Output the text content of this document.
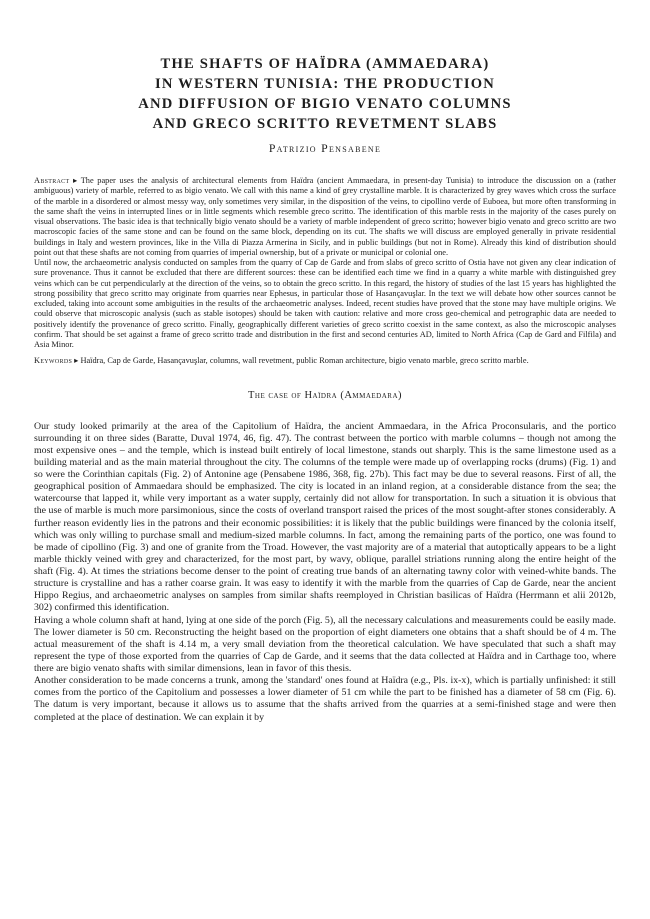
THE SHAFTS OF HAÏDRA (AMMAEDARA)
IN WESTERN TUNISIA: THE PRODUCTION
AND DIFFUSION OF BIGIO VENATO COLUMNS
AND GRECO SCRITTO REVETMENT SLABS
Patrizio Pensabene

Abstract ▸ The paper uses the analysis of architectural elements from Haïdra (ancient Ammaedara, in present-day Tunisia) to introduce the discussion on a (rather ambiguous) variety of marble, referred to as bigio venato. We call with this name a kind of grey crystalline marble. It is characterized by grey waves which cross the surface of the marble in a disordered or almost messy way, only sometimes very similar, in the disposition of the veins, to cipollino verde of Euboea, but more often transforming in the same shaft the veins in interrupted lines or in little segments which resemble greco scritto. The identification of this marble rests in the majority of the cases purely on visual observations. The basic idea is that technically bigio venato should be a variety of marble independent of greco scritto; however bigio venato and greco scritto are two macroscopic facies of the same stone and can be found on the same block, depending on its cut. The shafts we will discuss are employed generally in private residential buildings in Italy and western provinces, like in the Villa di Piazza Armerina in Sicily, and in public buildings (but not in Rome). Already this kind of distribution should point out that these shafts are not coming from quarries of imperial ownership, but of a private or municipal or colonial one.

Until now, the archaeometric analysis conducted on samples from the quarry of Cap de Garde and from slabs of greco scritto of Ostia have not given any clear indication of sure provenance. Thus it cannot be excluded that there are different sources: these can be identified each time we find in a quarry a white marble with distinguished grey veins which can be cut perpendicularly at the direction of the veins, so to obtain the greco scritto. In this regard, the history of studies of the last 15 years has highlighted the strong possibility that greco scritto may originate from quarries near Ephesus, in particular those of Hasançavuşlar. In the text we will debate how other sources cannot be excluded, taking into account some ambiguities in the results of the archaeometric analyses. Indeed, recent studies have proved that the stone may have multiple origins. We could observe that microscopic analysis (such as stable isotopes) should be taken with caution: relative and more cross geo-chemical and petrographic data are needed to positively identify the provenance of greco scritto. Finally, geographically different varieties of greco scritto coexist in the same context, as also the microscopic analyses confirm. That should be set against a frame of greco scritto trade and distribution in the first and second centuries AD, limited to North Africa (Cap de Gard and Filfila) and Asia Minor.

Keywords ▸ Haïdra, Cap de Garde, Hasançavuşlar, columns, wall revetment, public Roman architecture, bigio venato marble, greco scritto marble.
The case of Haïdra (Ammaedara)

Our study looked primarily at the area of the Capitolium of Haïdra, the ancient Ammaedara, in the Africa Proconsularis, and the portico surrounding it on three sides (Baratte, Duval 1974, 46, fig. 47). The contrast between the portico with marble columns – though not among the most expensive ones – and the temple, which is instead built entirely of local limestone, stands out sharply. This is the same limestone used as a building material and as the main material throughout the city. The columns of the temple were made up of overlapping rocks (drums) (Fig. 1) and so were the Corinthian capitals (Fig. 2) of Antonine age (Pensabene 1986, 368, fig. 27b). This fact may be due to several reasons. First of all, the geographical position of Ammaedara should be emphasized. The city is located in an inland region, at a considerable distance from the sea; the watercourse that lapped it, while very important as a water supply, certainly did not allow for transportation. In such a situation it is obvious that the use of marble is much more parsimonious, since the costs of overland transport raised the prices of the most sought-after stones considerably. A further reason evidently lies in the patrons and their economic possibilities: it is likely that the public buildings were financed by the colonia itself, which was only willing to purchase small and medium-sized marble columns. In fact, among the remaining parts of the portico, one was found to be made of cipollino (Fig. 3) and one of granite from the Troad. However, the vast majority are of a material that autoptically appears to be a light marble thickly veined with grey and characterized, for the most part, by wavy, oblique, parallel striations running along the entire height of the shaft (Fig. 4). At times the striations become denser to the point of creating true bands of an alternating tawny color with veined-white bands. The structure is crystalline and has a rather coarse grain. It was easy to identify it with the marble from the quarries of Cap de Garde, near the ancient Hippo Regius, and archaeometric analyses on samples from similar shafts reemployed in Christian basilicas of Haïdra (Herrmann et alii 2012b, 302) confirmed this identification.

Having a whole column shaft at hand, lying at one side of the porch (Fig. 5), all the necessary calculations and measurements could be easily made. The lower diameter is 50 cm. Reconstructing the height based on the proportion of eight diameters one obtains that a shaft should be of 4 m. The actual measurement of the shaft is 4.14 m, a very small deviation from the theoretical calculation. We have speculated that such a shaft may represent the type of those exported from the quarries of Cap de Garde, and it seems that the data collected at Haïdra and in Carthage too, where there are bigio venato shafts with similar dimensions, lean in favor of this thesis.

Another consideration to be made concerns a trunk, among the 'standard' ones found at Haïdra (e.g., Pls. ix-x), which is partially unfinished: it still comes from the portico of the Capitolium and possesses a lower diameter of 51 cm while the part to be finished has a diameter of 58 cm (Fig. 6). The datum is very important, because it allows us to assume that the shafts arrived from the quarries at a semi-finished stage and were then completed at the place of destination. We can explain it by
